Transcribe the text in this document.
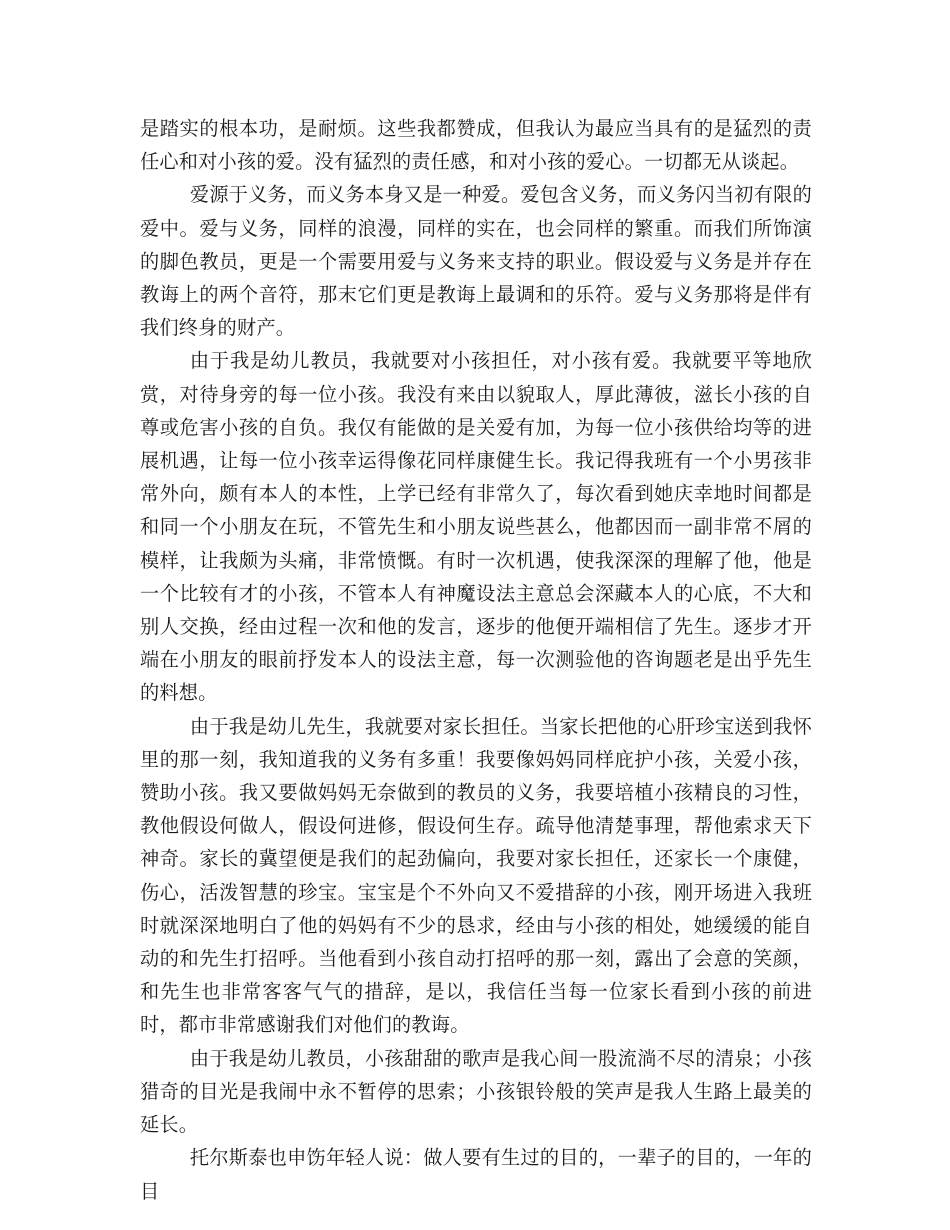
是踏实的根本功，是耐烦。这些我都赞成，但我认为最应当具有的是猛烈的责任心和对小孩的爱。没有猛烈的责任感，和对小孩的爱心。一切都无从谈起。

爱源于义务，而义务本身又是一种爱。爱包含义务，而义务闪当初有限的爱中。爱与义务，同样的浪漫，同样的实在，也会同样的繁重。而我们所饰演的脚色教员，更是一个需要用爱与义务来支持的职业。假设爱与义务是并存在教诲上的两个音符，那末它们更是教诲上最调和的乐符。爱与义务那将是伴有我们终身的财产。

由于我是幼儿教员，我就要对小孩担任，对小孩有爱。我就要平等地欣赏，对待身旁的每一位小孩。我没有来由以貌取人，厚此薄彼，滋长小孩的自尊或危害小孩的自负。我仅有能做的是关爱有加，为每一位小孩供给均等的进展机遇，让每一位小孩幸运得像花同样康健生长。我记得我班有一个小男孩非常外向，颇有本人的本性，上学已经有非常久了，每次看到她庆幸地时间都是和同一个小朋友在玩，不管先生和小朋友说些甚么，他都因而一副非常不屑的模样，让我颇为头痛，非常愤慨。有时一次机遇，使我深深的理解了他，他是一个比较有才的小孩，不管本人有神魔设法主意总会深藏本人的心底，不大和别人交换，经由过程一次和他的发言，逐步的他便开端相信了先生。逐步才开端在小朋友的眼前抒发本人的设法主意，每一次测验他的咨询题老是出乎先生的料想。

由于我是幼儿先生，我就要对家长担任。当家长把他的心肝珍宝送到我怀里的那一刻，我知道我的义务有多重！我要像妈妈同样庇护小孩，关爱小孩，赞助小孩。我又要做妈妈无奈做到的教员的义务，我要培植小孩精良的习性，教他假设何做人，假设何进修，假设何生存。疏导他清楚事理，帮他索求天下神奇。家长的冀望便是我们的起劲偏向，我要对家长担任，还家长一个康健，伤心，活泼智慧的珍宝。宝宝是个不外向又不爱措辞的小孩，刚开场进入我班时就深深地明白了他的妈妈有不少的恳求，经由与小孩的相处，她缓缓的能自动的和先生打招呼。当他看到小孩自动打招呼的那一刻，露出了会意的笑颜，和先生也非常客客气气的措辞，是以，我信任当每一位家长看到小孩的前进时，都市非常感谢我们对他们的教诲。

由于我是幼儿教员，小孩甜甜的歌声是我心间一股流淌不尽的清泉；小孩猎奇的目光是我闹中永不暂停的思索；小孩银铃般的笑声是我人生路上最美的延长。

托尔斯泰也申饬年轻人说：做人要有生过的目的，一辈子的目的，一年的目
